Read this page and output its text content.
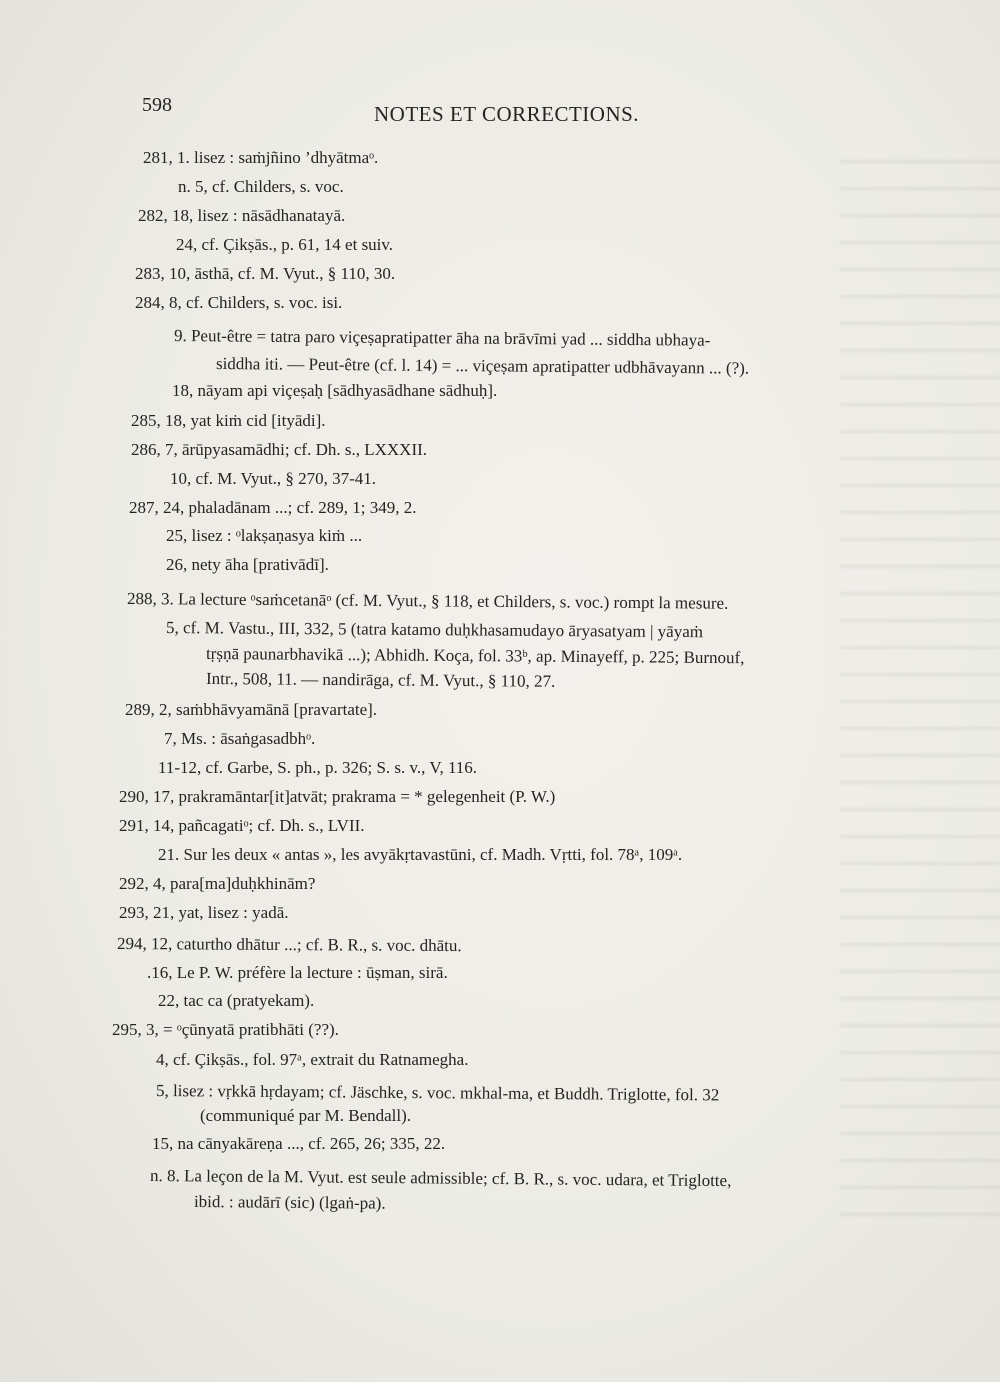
598	NOTES ET CORRECTIONS.
281, 1. lisez : saṁjñino ’dhyātmaᵒ.
n. 5, cf. Childers, s. voc.
282, 18, lisez : nāsādhanatayā.
24, cf. Çikṣās., p. 61, 14 et suiv.
283, 10, āsthā, cf. M. Vyut., § 110, 30.
284, 8, cf. Childers, s. voc. isi.
9. Peut-être = tatra paro viçeṣapratipatter āha na brāvīmi yad ... siddha ubhaya-
siddha iti. — Peut-être (cf. l. 14) = ... viçeṣam apratipatter udbhāvayann ... (?).
18, nāyam api viçeṣaḥ [sādhyasādhane sādhuḥ].
285, 18, yat kiṁ cid [ityādi].
286, 7, ārūpyasamādhi; cf. Dh. s., LXXXII.
10, cf. M. Vyut., § 270, 37-41.
287, 24, phaladānam ...; cf. 289, 1; 349, 2.
25, lisez : ᵒlakṣaṇasya kiṁ ...
26, nety āha [prativādī].
288, 3. La lecture ᵒsaṁcetanāᵒ (cf. M. Vyut., § 118, et Childers, s. voc.) rompt la mesure.
5, cf. M. Vastu., III, 332, 5 (tatra katamo duḥkhasamudayo āryasatyam | yāyaṁ
tṛṣṇā paunarbhavikā ...); Abhidh. Koça, fol. 33ᵇ, ap. Minayeff, p. 225; Burnouf,
Intr., 508, 11. — nandirāga, cf. M. Vyut., § 110, 27.
289, 2, saṁbhāvyamānā [pravartate].
7, Ms. : āsaṅgasadbhᵒ.
11-12, cf. Garbe, S. ph., p. 326; S. s. v., V, 116.
290, 17, prakramāntar[it]atvāt; prakrama = * gelegenheit (P. W.)
291, 14, pañcagatiᵒ; cf. Dh. s., LVII.
21. Sur les deux « antas », les avyākṛtavastūni, cf. Madh. Vṛtti, fol. 78ᵃ, 109ᵃ.
292, 4, para[ma]duḥkhinām?
293, 21, yat, lisez : yadā.
294, 12, caturtho dhātur ...; cf. B. R., s. voc. dhātu.
.16, Le P. W. préfère la lecture : ūṣman, sirā.
22, tac ca (pratyekam).
295, 3, = ᵒçūnyatā pratibhāti (??).
4, cf. Çikṣās., fol. 97ᵃ, extrait du Ratnamegha.
5, lisez : vṛkkā hṛdayam; cf. Jäschke, s. voc. mkhal-ma, et Buddh. Triglotte, fol. 32
(communiqué par M. Bendall).
15, na cānyakāreṇa ..., cf. 265, 26; 335, 22.
n. 8. La leçon de la M. Vyut. est seule admissible; cf. B. R., s. voc. udara, et Triglotte,
ibid. : audārī (sic) (lgaṅ-pa).
